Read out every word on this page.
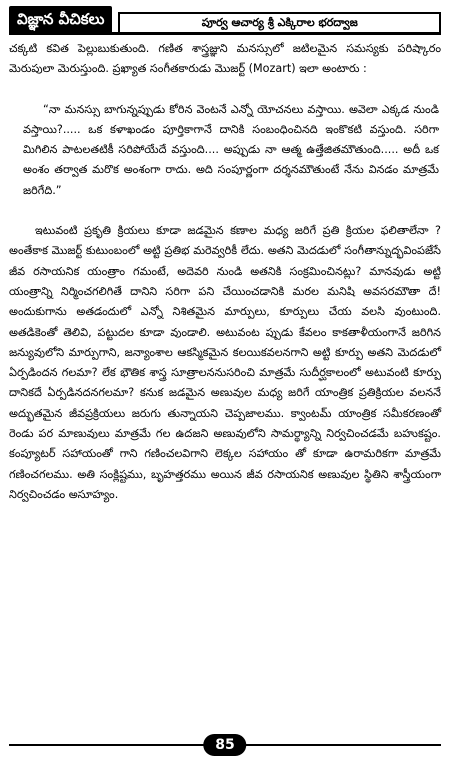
విజ్ఞాన వీచికలు	పూర్వ ఆచార్య శ్రీ ఎక్కిరాల భరద్వాజ

చక్కటి కవిత పెల్లుబుకుతుంది. గణిత శాస్త్రజ్ఞుని మనస్సులో జటిలమైన సమస్యకు పరిష్కారం మెరుపులా మెరుస్తుంది. ప్రఖ్యాత సంగీతకారుడు మొజర్ట్ (Mozart) ఇలా అంటారు :

“నా మనస్సు బాగున్నప్పుడు కోరిన వెంటనే ఎన్నో యోచనలు వస్తాయి. అవెలా ఎక్కడ నుండి వస్తాయి?..... ఒక కళాఖండం పూర్తికాగానే దానికి సంబంధించినది ఇంకొకటి వస్తుంది. సరిగా మిగిలిన పాటలతటికీ సరిపోయేదే వస్తుంది.... అప్పుడు నా ఆత్మ ఉత్తేజితమౌతుంది..... అదీ ఒక అంశం తర్వాత మరొక అంశంగా రాదు. అది సంపూర్ణంగా దర్శనమౌతుంటే నేను వినడం మాత్రమే జరిగేది.”

ఇటువంటి ప్రకృతి క్రియలు కూడా జడమైన కణాల మధ్య జరిగే ప్రతి క్రియల ఫలితాలేనా ? అంతేకాక మొజర్ట్ కుటుంబంలో అట్టి ప్రతిభ మరెవ్వరికీ లేదు. అతని మెదడులో సంగీతాన్నుద్భవింపజేసే జీవ రసాయనిక యంత్రాం గమంటే, అదెవరి నుండి అతనికి సంక్రమించినట్లు? మానవుడు అట్టి యంత్రాన్ని నిర్మించగలిగితే దానిని సరిగా పని చేయించడానికి మరల మనిషి అవసరమౌతా దే! అందుకుగాను అతడందులో ఎన్నో నిశితమైన మార్పులు, కూర్పులు చేయ వలసి వుంటుంది. అతడికెంతో తెలివి, పట్టుదల కూడా వుండాలి. అటువంట ప్పుడు కేవలం కాకతాళీయంగానే జరిగిన జన్యువులోని మార్పుగాని, జన్యాంశాల ఆకస్మికమైన కలయికవలనగాని అట్టి కూర్పు అతని మెదడులో ఏర్పడిందన గలమా? లేక భౌతిక శాస్త్ర సూత్రాలననుసరించి మాత్రమే సుదీర్ఘకాలంలో అటువంటి కూర్పు దానికదే ఏర్పడినదనగలమా? కనుక జడమైన అణువుల మధ్య జరిగే యాంత్రిక ప్రతిక్రియల వలననే అద్భుతమైన జీవప్రక్రియలు జరుగు తున్నాయని చెప్పజాలము. క్వాంటమ్ యాంత్రిక సమీకరణంతో రెండు పర మాణువులు మాత్రమే గల ఉదజని అణువులోని సామర్థ్యాన్ని నిర్వచించడమే బహుకష్టం. కంప్యూటర్ సహాయంతో గాని గణించలవిగాని లెక్కల సహాయం తో కూడా ఉరామరికగా మాత్రమే గణించగలము. అతి సంక్లిష్టము, బృహత్తరము అయిన జీవ రసాయనిక అణువుల స్థితిని శాస్త్రీయంగా నిర్వచించడం అసూహ్యం.

85
